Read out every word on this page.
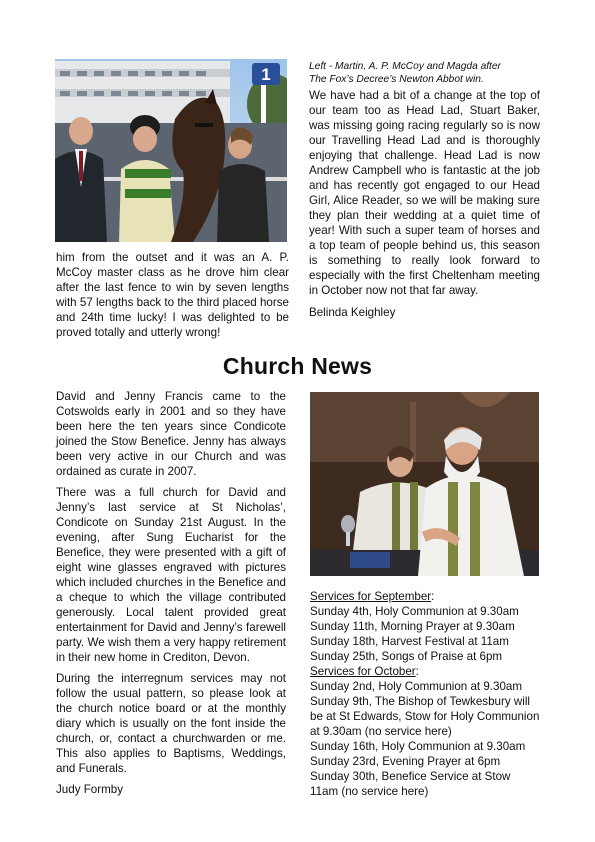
1	Left - Martin, A. P. McCoy and Magda after
The Fox’s Decree’s Newton Abbot win.

him from the outset and it was an A. P. McCoy master class as he drove him clear after the last fence to win by seven lengths with 57 lengths back to the third placed horse and 24th time lucky! I was delighted to be proved totally and utterly wrong!

We have had a bit of a change at the top of our team too as Head Lad, Stuart Baker, was missing going racing regularly so is now our Travelling Head Lad and is thoroughly enjoying that challenge. Head Lad is now Andrew Campbell who is fantastic at the job and has recently got engaged to our Head Girl, Alice Reader, so we will be making sure they plan their wedding at a quiet time of year! With such a super team of horses and a top team of people behind us, this season is something to really look forward to especially with the first Cheltenham meeting in October now not that far away.

Belinda Keighley

Church News

David and Jenny Francis came to the Cotswolds early in 2001 and so they have been here the ten years since Condicote joined the Stow Benefice. Jenny has always been very active in our Church and was ordained as curate in 2007.

There was a full church for David and Jenny’s last service at St Nicholas’, Condicote on Sunday 21st August. In the evening, after Sung Eucharist for the Benefice, they were presented with a gift of eight wine glasses engraved with pictures which included churches in the Benefice and a cheque to which the village contributed generously. Local talent provided great entertainment for David and Jenny’s farewell party. We wish them a very happy retirement in their new home in Crediton, Devon.

During the interregnum services may not follow the usual pattern, so please look at the church notice board or at the monthly diary which is usually on the font inside the church, or, contact a churchwarden or me. This also applies to Baptisms, Weddings, and Funerals.

Judy Formby

Services for September:
Sunday 4th, Holy Communion at 9.30am
Sunday 11th, Morning Prayer at 9.30am
Sunday 18th, Harvest Festival at 11am
Sunday 25th, Songs of Praise at 6pm
Services for October:
Sunday 2nd, Holy Communion at 9.30am
Sunday 9th, The Bishop of Tewkesbury will be at St Edwards, Stow for Holy Communion at 9.30am (no service here)
Sunday 16th, Holy Communion at 9.30am
Sunday 23rd, Evening Prayer at 6pm
Sunday 30th, Benefice Service at Stow 11am (no service here)
